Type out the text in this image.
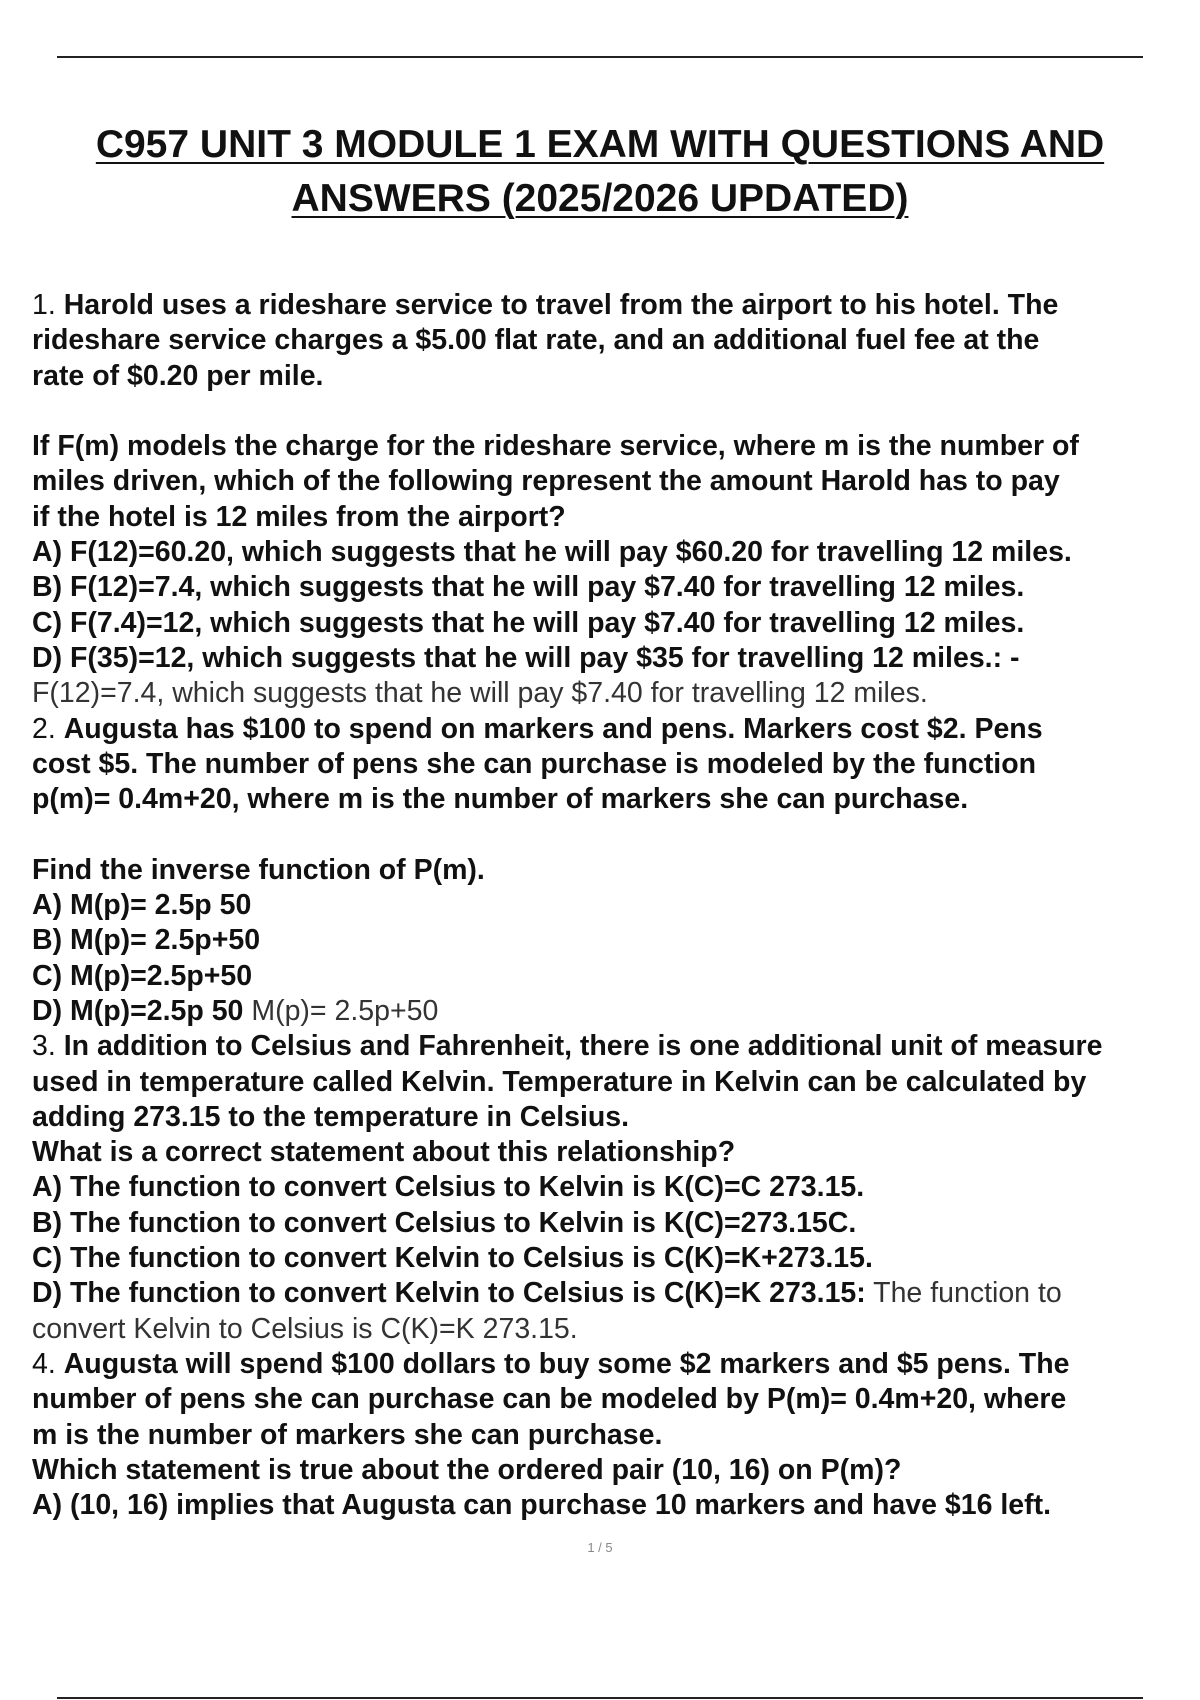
C957 UNIT 3 MODULE 1 EXAM WITH QUESTIONS AND
ANSWERS (2025/2026 UPDATED)
1. Harold uses a rideshare service to travel from the airport to his hotel. The
rideshare service charges a $5.00 flat rate, and an additional fuel fee at the
rate of $0.20 per mile.
If F(m) models the charge for the rideshare service, where m is the number of
miles driven, which of the following represent the amount Harold has to pay
if the hotel is 12 miles from the airport?
A) F(12)=60.20, which suggests that he will pay $60.20 for travelling 12 miles.
B) F(12)=7.4, which suggests that he will pay $7.40 for travelling 12 miles.
C) F(7.4)=12, which suggests that he will pay $7.40 for travelling 12 miles.
D) F(35)=12, which suggests that he will pay $35 for travelling 12 miles.: -
F(12)=7.4, which suggests that he will pay $7.40 for travelling 12 miles.
2. Augusta has $100 to spend on markers and pens. Markers cost $2. Pens
cost $5. The number of pens she can purchase is modeled by the function
p(m)= 0.4m+20, where m is the number of markers she can purchase.
Find the inverse function of P(m).
A) M(p)= 2.5p 50
B) M(p)= 2.5p+50
C) M(p)=2.5p+50
D) M(p)=2.5p 50 M(p)= 2.5p+50
3. In addition to Celsius and Fahrenheit, there is one additional unit of measure
used in temperature called Kelvin. Temperature in Kelvin can be calculated by
adding 273.15 to the temperature in Celsius.
What is a correct statement about this relationship?
A) The function to convert Celsius to Kelvin is K(C)=C 273.15.
B) The function to convert Celsius to Kelvin is K(C)=273.15C.
C) The function to convert Kelvin to Celsius is C(K)=K+273.15.
D) The function to convert Kelvin to Celsius is C(K)=K 273.15: The function to
convert Kelvin to Celsius is C(K)=K 273.15.
4. Augusta will spend $100 dollars to buy some $2 markers and $5 pens. The
number of pens she can purchase can be modeled by P(m)= 0.4m+20, where
m is the number of markers she can purchase.
Which statement is true about the ordered pair (10, 16) on P(m)?
A) (10, 16) implies that Augusta can purchase 10 markers and have $16 left.
1 / 5
